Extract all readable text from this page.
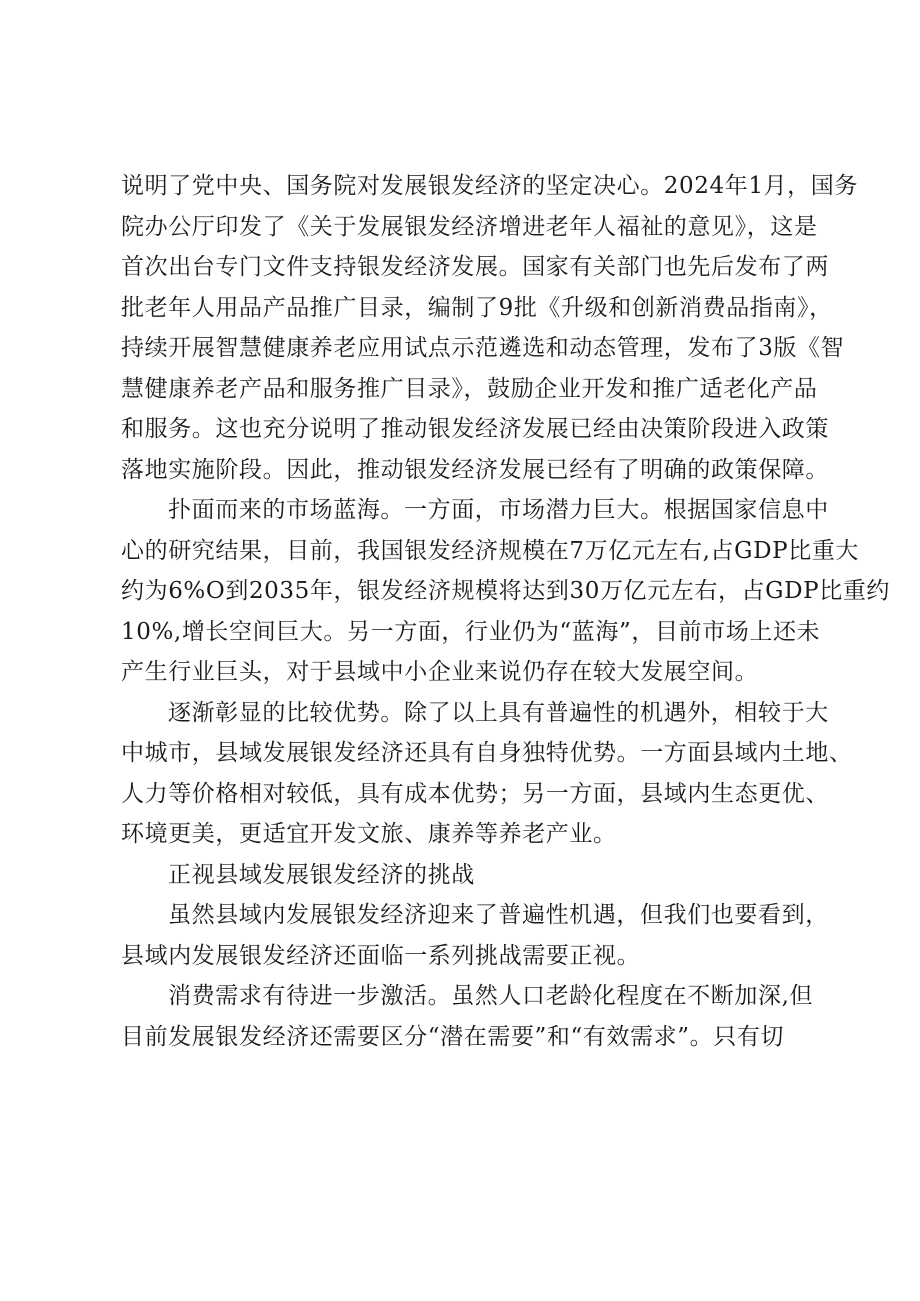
说明了党中央、国务院对发展银发经济的坚定决心。2024年1月，国务
院办公厅印发了《关于发展银发经济增进老年人福祉的意见》，这是
首次出台专门文件支持银发经济发展。国家有关部门也先后发布了两
批老年人用品产品推广目录，编制了9批《升级和创新消费品指南》，
持续开展智慧健康养老应用试点示范遴选和动态管理，发布了3版《智
慧健康养老产品和服务推广目录》，鼓励企业开发和推广适老化产品
和服务。这也充分说明了推动银发经济发展已经由决策阶段进入政策
落地实施阶段。因此，推动银发经济发展已经有了明确的政策保障。

扑面而来的市场蓝海。一方面，市场潜力巨大。根据国家信息中
心的研究结果，目前，我国银发经济规模在7万亿元左右,占GDP比重大
约为6%O到2035年，银发经济规模将达到30万亿元左右，占GDP比重约
10%,增长空间巨大。另一方面，行业仍为“蓝海”，目前市场上还未
产生行业巨头，对于县域中小企业来说仍存在较大发展空间。

逐渐彰显的比较优势。除了以上具有普遍性的机遇外，相较于大
中城市，县域发展银发经济还具有自身独特优势。一方面县域内土地、
人力等价格相对较低，具有成本优势；另一方面，县域内生态更优、
环境更美，更适宜开发文旅、康养等养老产业。

正视县域发展银发经济的挑战

虽然县域内发展银发经济迎来了普遍性机遇，但我们也要看到，
县域内发展银发经济还面临一系列挑战需要正视。

消费需求有待进一步激活。虽然人口老龄化程度在不断加深,但
目前发展银发经济还需要区分“潜在需要”和“有效需求”。只有切
